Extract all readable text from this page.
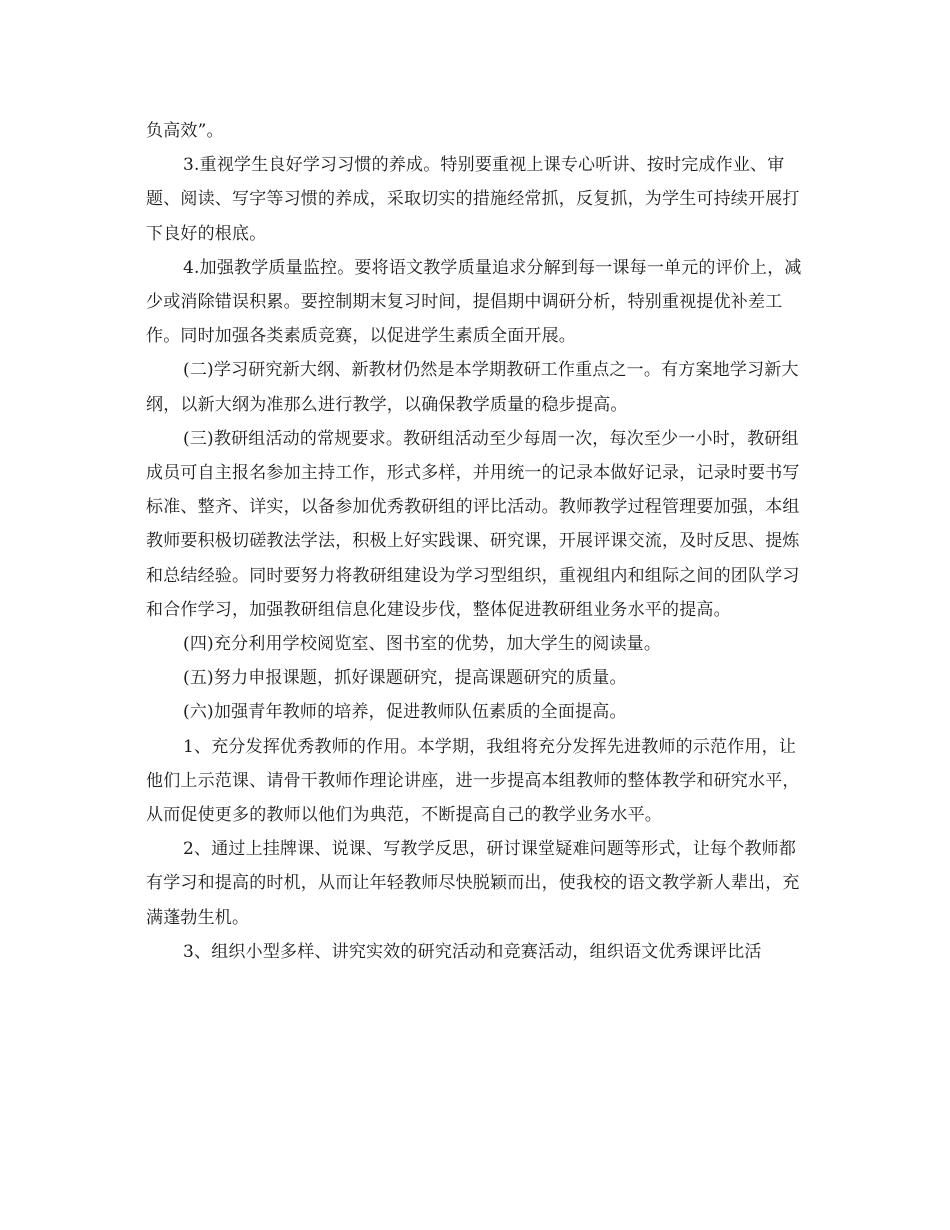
负高效”。

3.重视学生良好学习习惯的养成。特别要重视上课专心听讲、按时完成作业、审题、阅读、写字等习惯的养成，采取切实的措施经常抓，反复抓，为学生可持续开展打下良好的根底。

4.加强教学质量监控。要将语文教学质量追求分解到每一课每一单元的评价上，减少或消除错误积累。要控制期末复习时间，提倡期中调研分析，特别重视提优补差工作。同时加强各类素质竞赛，以促进学生素质全面开展。

(二)学习研究新大纲、新教材仍然是本学期教研工作重点之一。有方案地学习新大纲，以新大纲为准那么进行教学，以确保教学质量的稳步提高。

(三)教研组活动的常规要求。教研组活动至少每周一次，每次至少一小时，教研组成员可自主报名参加主持工作，形式多样，并用统一的记录本做好记录，记录时要书写标准、整齐、详实，以备参加优秀教研组的评比活动。教师教学过程管理要加强，本组教师要积极切磋教法学法，积极上好实践课、研究课，开展评课交流，及时反思、提炼和总结经验。同时要努力将教研组建设为学习型组织，重视组内和组际之间的团队学习和合作学习，加强教研组信息化建设步伐，整体促进教研组业务水平的提高。

(四)充分利用学校阅览室、图书室的优势，加大学生的阅读量。

(五)努力申报课题，抓好课题研究，提高课题研究的质量。

(六)加强青年教师的培养，促进教师队伍素质的全面提高。

1、充分发挥优秀教师的作用。本学期，我组将充分发挥先进教师的示范作用，让他们上示范课、请骨干教师作理论讲座，进一步提高本组教师的整体教学和研究水平，从而促使更多的教师以他们为典范，不断提高自己的教学业务水平。

2、通过上挂牌课、说课、写教学反思，研讨课堂疑难问题等形式，让每个教师都有学习和提高的时机，从而让年轻教师尽快脱颖而出，使我校的语文教学新人辈出，充满蓬勃生机。

3、组织小型多样、讲究实效的研究活动和竞赛活动，组织语文优秀课评比活
